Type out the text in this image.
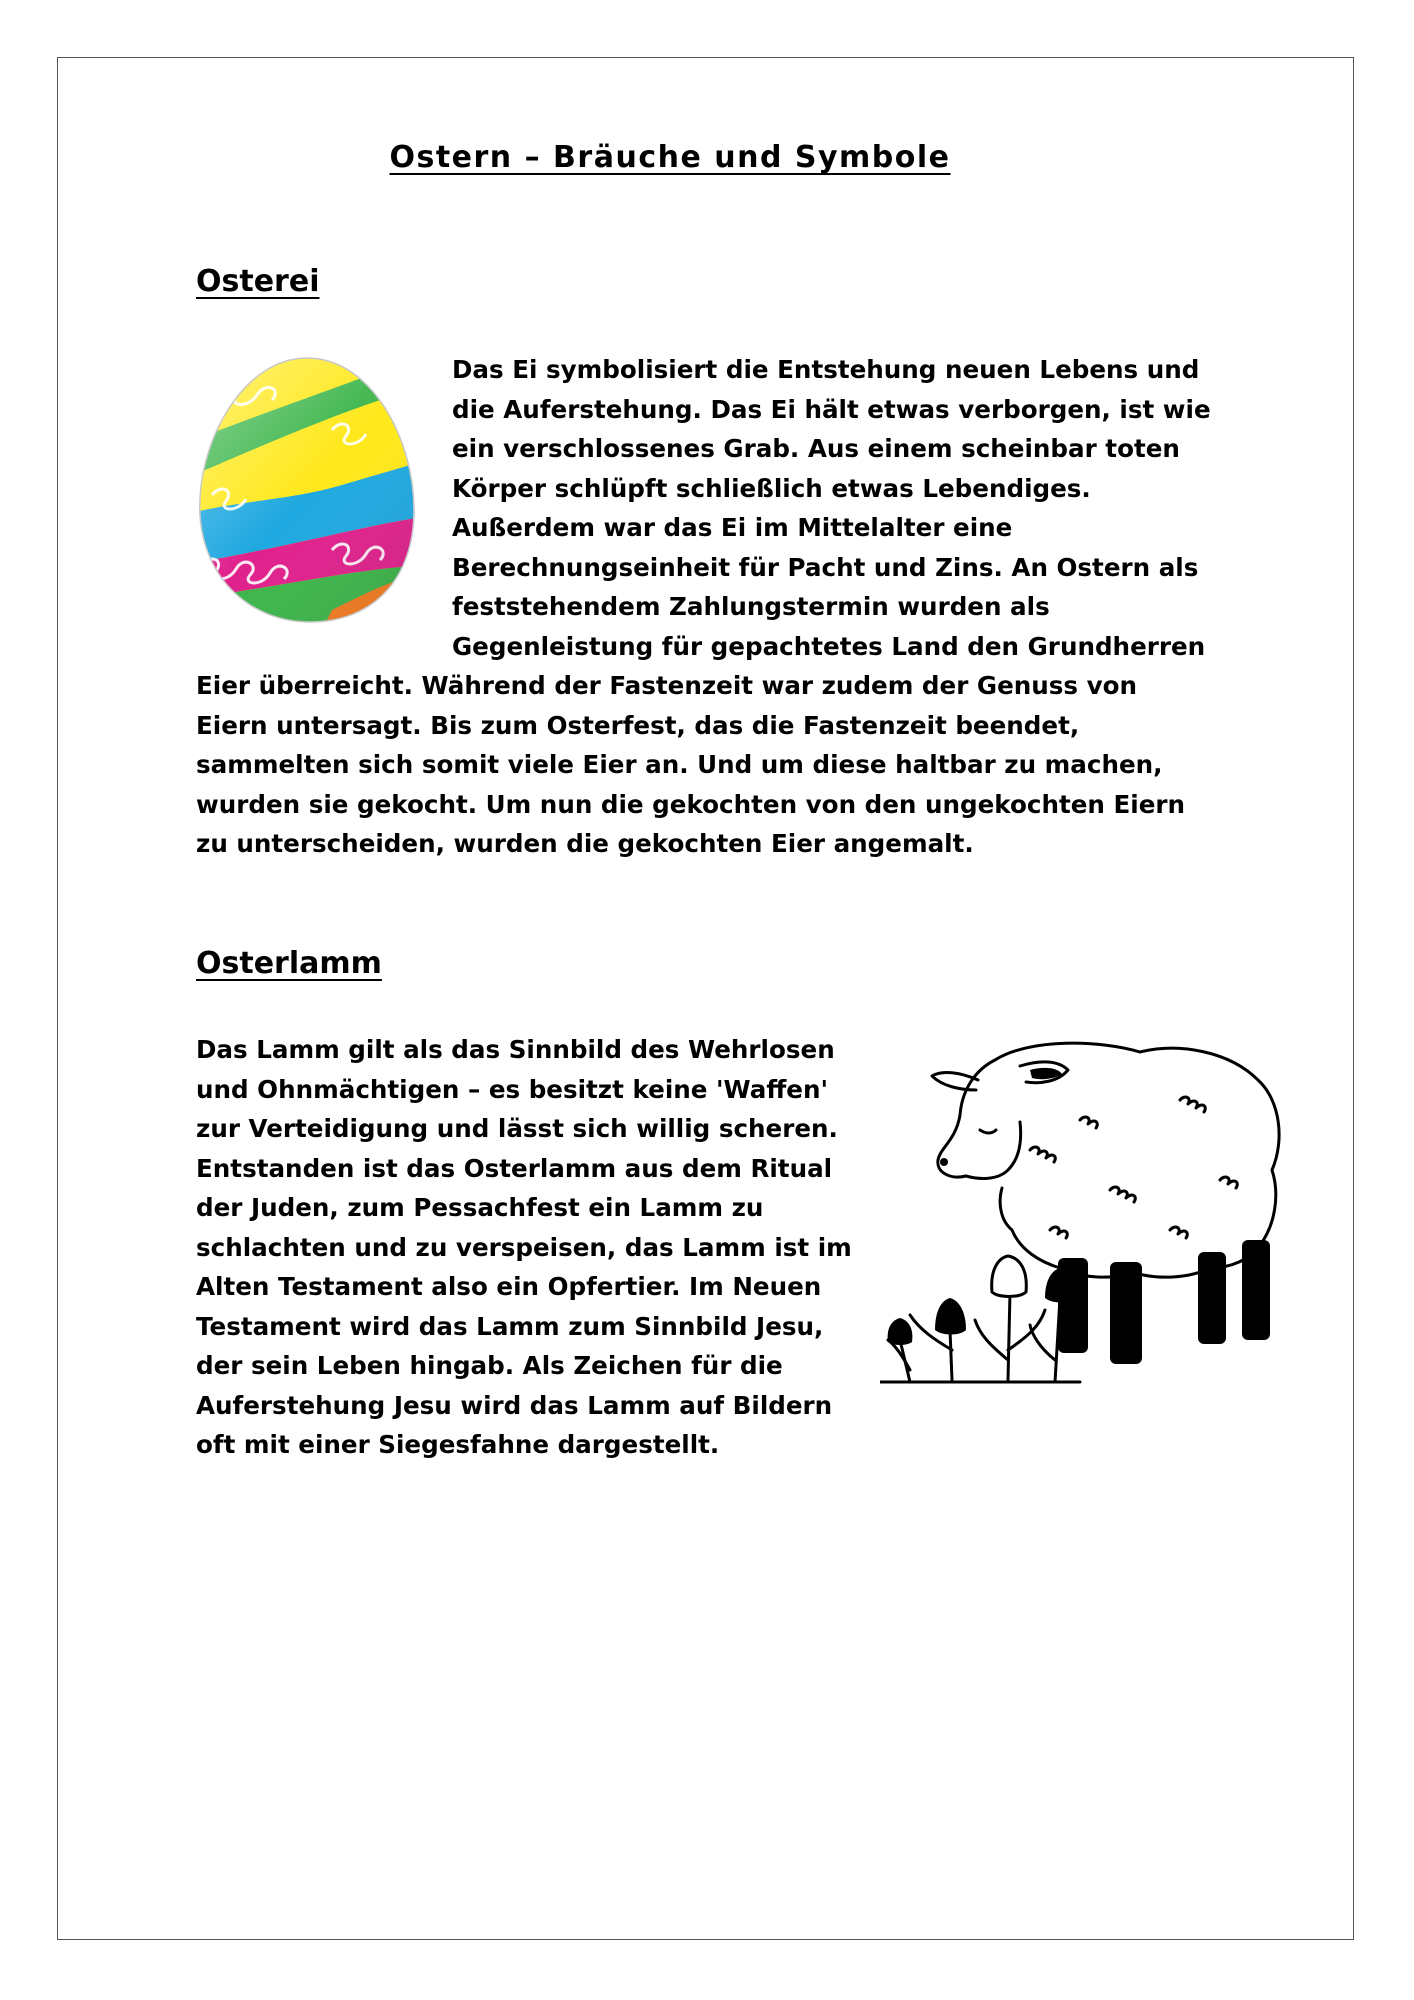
Ostern – Bräuche und Symbole
Osterei

Das Ei symbolisiert die Entstehung neuen Lebens und die Auferstehung. Das Ei hält etwas verborgen, ist wie ein verschlossenes Grab. Aus einem scheinbar toten Körper schlüpft schließlich etwas Lebendiges. Außerdem war das Ei im Mittelalter eine Berechnungseinheit für Pacht und Zins. An Ostern als feststehendem Zahlungstermin wurden als Gegenleistung für gepachtetes Land den Grundherren Eier überreicht. Während der Fastenzeit war zudem der Genuss von Eiern untersagt. Bis zum Osterfest, das die Fastenzeit beendet, sammelten sich somit viele Eier an. Und um diese haltbar zu machen, wurden sie gekocht. Um nun die gekochten von den ungekochten Eiern zu unterscheiden, wurden die gekochten Eier angemalt.

Osterlamm

Das Lamm gilt als das Sinnbild des Wehrlosen und Ohnmächtigen – es besitzt keine 'Waffen' zur Verteidigung und lässt sich willig scheren. Entstanden ist das Osterlamm aus dem Ritual der Juden, zum Pessachfest ein Lamm zu schlachten und zu verspeisen, das Lamm ist im Alten Testament also ein Opfertier. Im Neuen Testament wird das Lamm zum Sinnbild Jesu, der sein Leben hingab. Als Zeichen für die Auferstehung Jesu wird das Lamm auf Bildern oft mit einer Siegesfahne dargestellt.
